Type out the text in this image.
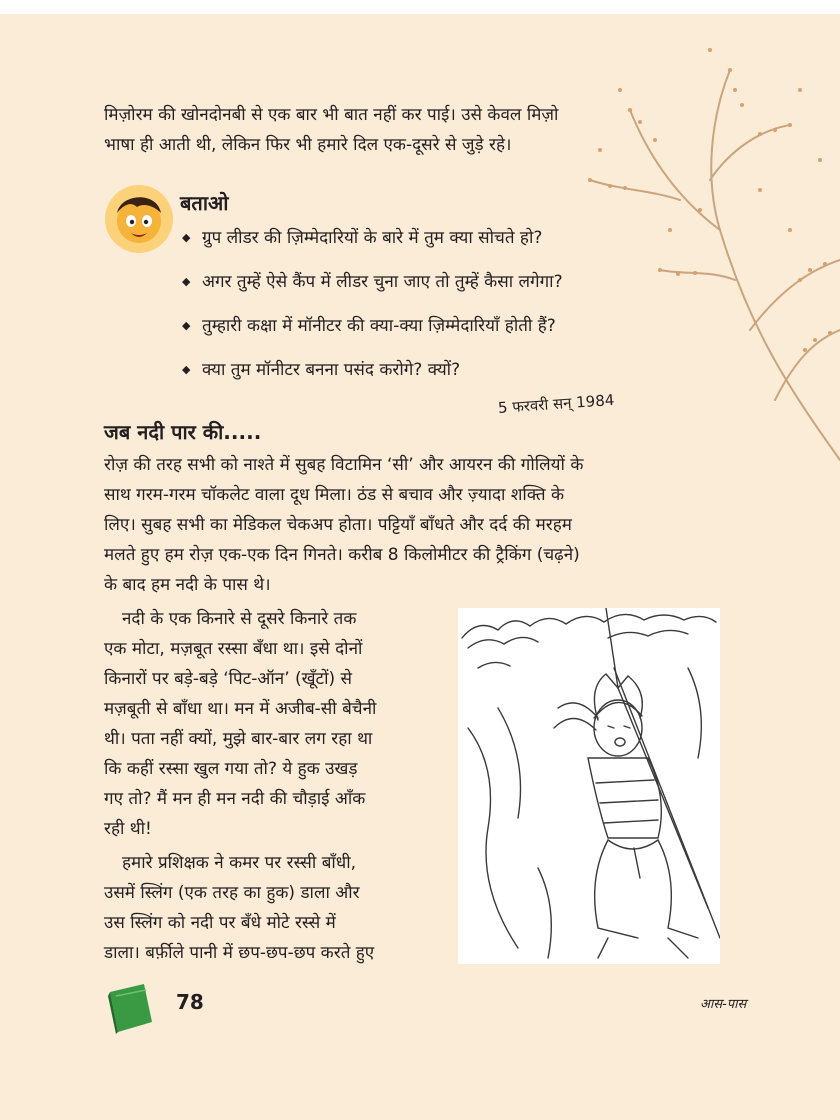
मिज़ोरम की खोनदोनबी से एक बार भी बात नहीं कर पाई। उसे केवल मिज़ो
भाषा ही आती थी, लेकिन फिर भी हमारे दिल एक-दूसरे से जुड़े रहे।

बताओ
◆ ग्रुप लीडर की ज़िम्मेदारियों के बारे में तुम क्या सोचते हो?
◆ अगर तुम्हें ऐसे कैंप में लीडर चुना जाए तो तुम्हें कैसा लगेगा?
◆ तुम्हारी कक्षा में मॉनीटर की क्या-क्या ज़िम्मेदारियाँ होती हैं?
◆ क्या तुम मॉनीटर बनना पसंद करोगे? क्यों?
5 फरवरी सन् 1984
जब नदी पार की.....

रोज़ की तरह सभी को नाश्ते में सुबह विटामिन ‘सी’ और आयरन की गोलियों के
साथ गरम-गरम चॉकलेट वाला दूध मिला। ठंड से बचाव और ज़्यादा शक्ति के
लिए। सुबह सभी का मेडिकल चेकअप होता। पट्टियाँ बाँधते और दर्द की मरहम
मलते हुए हम रोज़ एक-एक दिन गिनते। करीब 8 किलोमीटर की ट्रैकिंग (चढ़ने)
के बाद हम नदी के पास थे।

नदी के एक किनारे से दूसरे किनारे तक
एक मोटा, मज़बूत रस्सा बँधा था। इसे दोनों
किनारों पर बड़े-बड़े ‘पिट-ऑन’ (खूँटों) से
मज़बूती से बाँधा था। मन में अजीब-सी बेचैनी
थी। पता नहीं क्यों, मुझे बार-बार लग रहा था
कि कहीं रस्सा खुल गया तो? ये हुक उखड़
गए तो? मैं मन ही मन नदी की चौड़ाई आँक
रही थी!

हमारे प्रशिक्षक ने कमर पर रस्सी बाँधी,
उसमें स्लिंग (एक तरह का हुक) डाला और
उस स्लिंग को नदी पर बँधे मोटे रस्से में
डाला। बर्फ़ीले पानी में छप-छप-छप करते हुए

78	आस-पास
